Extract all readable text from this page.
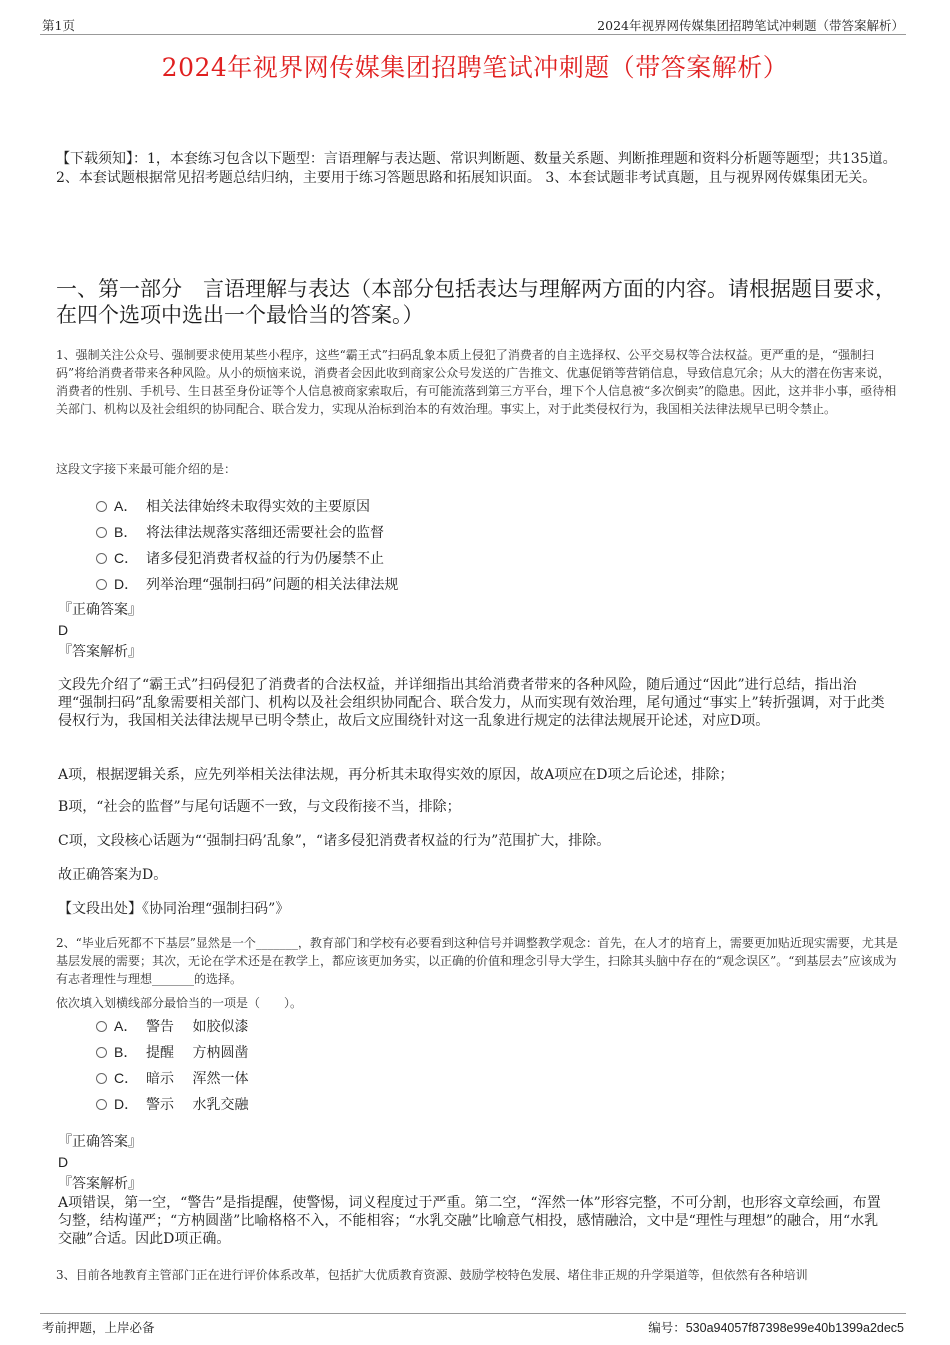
第1页	2024年视界网传媒集团招聘笔试冲刺题（带答案解析）
2024年视界网传媒集团招聘笔试冲刺题（带答案解析）
【下载须知】：1，本套练习包含以下题型：言语理解与表达题、常识判断题、数量关系题、判断推理题和资料分析题等题型；共135道。 2、本套试题根据常见招考题总结归纳，主要用于练习答题思路和拓展知识面。 3、本套试题非考试真题，且与视界网传媒集团无关。
一、第一部分　言语理解与表达（本部分包括表达与理解两方面的内容。请根据题目要求，在四个选项中选出一个最恰当的答案。）
1、强制关注公众号、强制要求使用某些小程序，这些“霸王式”扫码乱象本质上侵犯了消费者的自主选择权、公平交易权等合法权益。更严重的是，“强制扫码”将给消费者带来各种风险。从小的烦恼来说，消费者会因此收到商家公众号发送的广告推文、优惠促销等营销信息，导致信息冗余；从大的潜在伤害来说，消费者的性别、手机号、生日甚至身份证等个人信息被商家索取后，有可能流落到第三方平台，埋下个人信息被“多次倒卖”的隐患。因此，这并非小事，亟待相关部门、机构以及社会组织的协同配合、联合发力，实现从治标到治本的有效治理。事实上，对于此类侵权行为，我国相关法律法规早已明令禁止。
这段文字接下来最可能介绍的是：
A． 相关法律始终未取得实效的主要原因
B． 将法律法规落实落细还需要社会的监督
C． 诸多侵犯消费者权益的行为仍屡禁不止
D． 列举治理“强制扫码”问题的相关法律法规
『正确答案』
D
『答案解析』
文段先介绍了“霸王式”扫码侵犯了消费者的合法权益，并详细指出其给消费者带来的各种风险，随后通过“因此”进行总结，指出治理“强制扫码”乱象需要相关部门、机构以及社会组织协同配合、联合发力，从而实现有效治理，尾句通过“事实上”转折强调，对于此类侵权行为，我国相关法律法规早已明令禁止，故后文应围绕针对这一乱象进行规定的法律法规展开论述，对应D项。
A项，根据逻辑关系，应先列举相关法律法规，再分析其未取得实效的原因，故A项应在D项之后论述，排除；
B项，“社会的监督”与尾句话题不一致，与文段衔接不当，排除；
C项，文段核心话题为“‘强制扫码’乱象”，“诸多侵犯消费者权益的行为”范围扩大，排除。
故正确答案为D。
【文段出处】《协同治理“强制扫码”》
2、“毕业后死都不下基层”显然是一个_______，教育部门和学校有必要看到这种信号并调整教学观念：首先，在人才的培育上，需要更加贴近现实需要，尤其是基层发展的需要；其次，无论在学术还是在教学上，都应该更加务实，以正确的价值和理念引导大学生，扫除其头脑中存在的“观念误区”。“到基层去”应该成为有志者理性与理想_______的选择。
依次填入划横线部分最恰当的一项是（　　）。
A． 警告　 如胶似漆
B． 提醒　 方枘圆凿
C． 暗示　 浑然一体
D． 警示　 水乳交融
『正确答案』
D
『答案解析』
A项错误，第一空，“警告”是指提醒，使警惕，词义程度过于严重。第二空，“浑然一体”形容完整，不可分割，也形容文章绘画，布置匀整，结构谨严；“方枘圆凿”比喻格格不入，不能相容；“水乳交融”比喻意气相投，感情融洽，文中是“理性与理想”的融合，用“水乳交融”合适。因此D项正确。
3、目前各地教育主管部门正在进行评价体系改革，包括扩大优质教育资源、鼓励学校特色发展、堵住非正规的升学渠道等，但依然有各种培训
考前押题，上岸必备	编号：530a94057f87398e99e40b1399a2dec5
